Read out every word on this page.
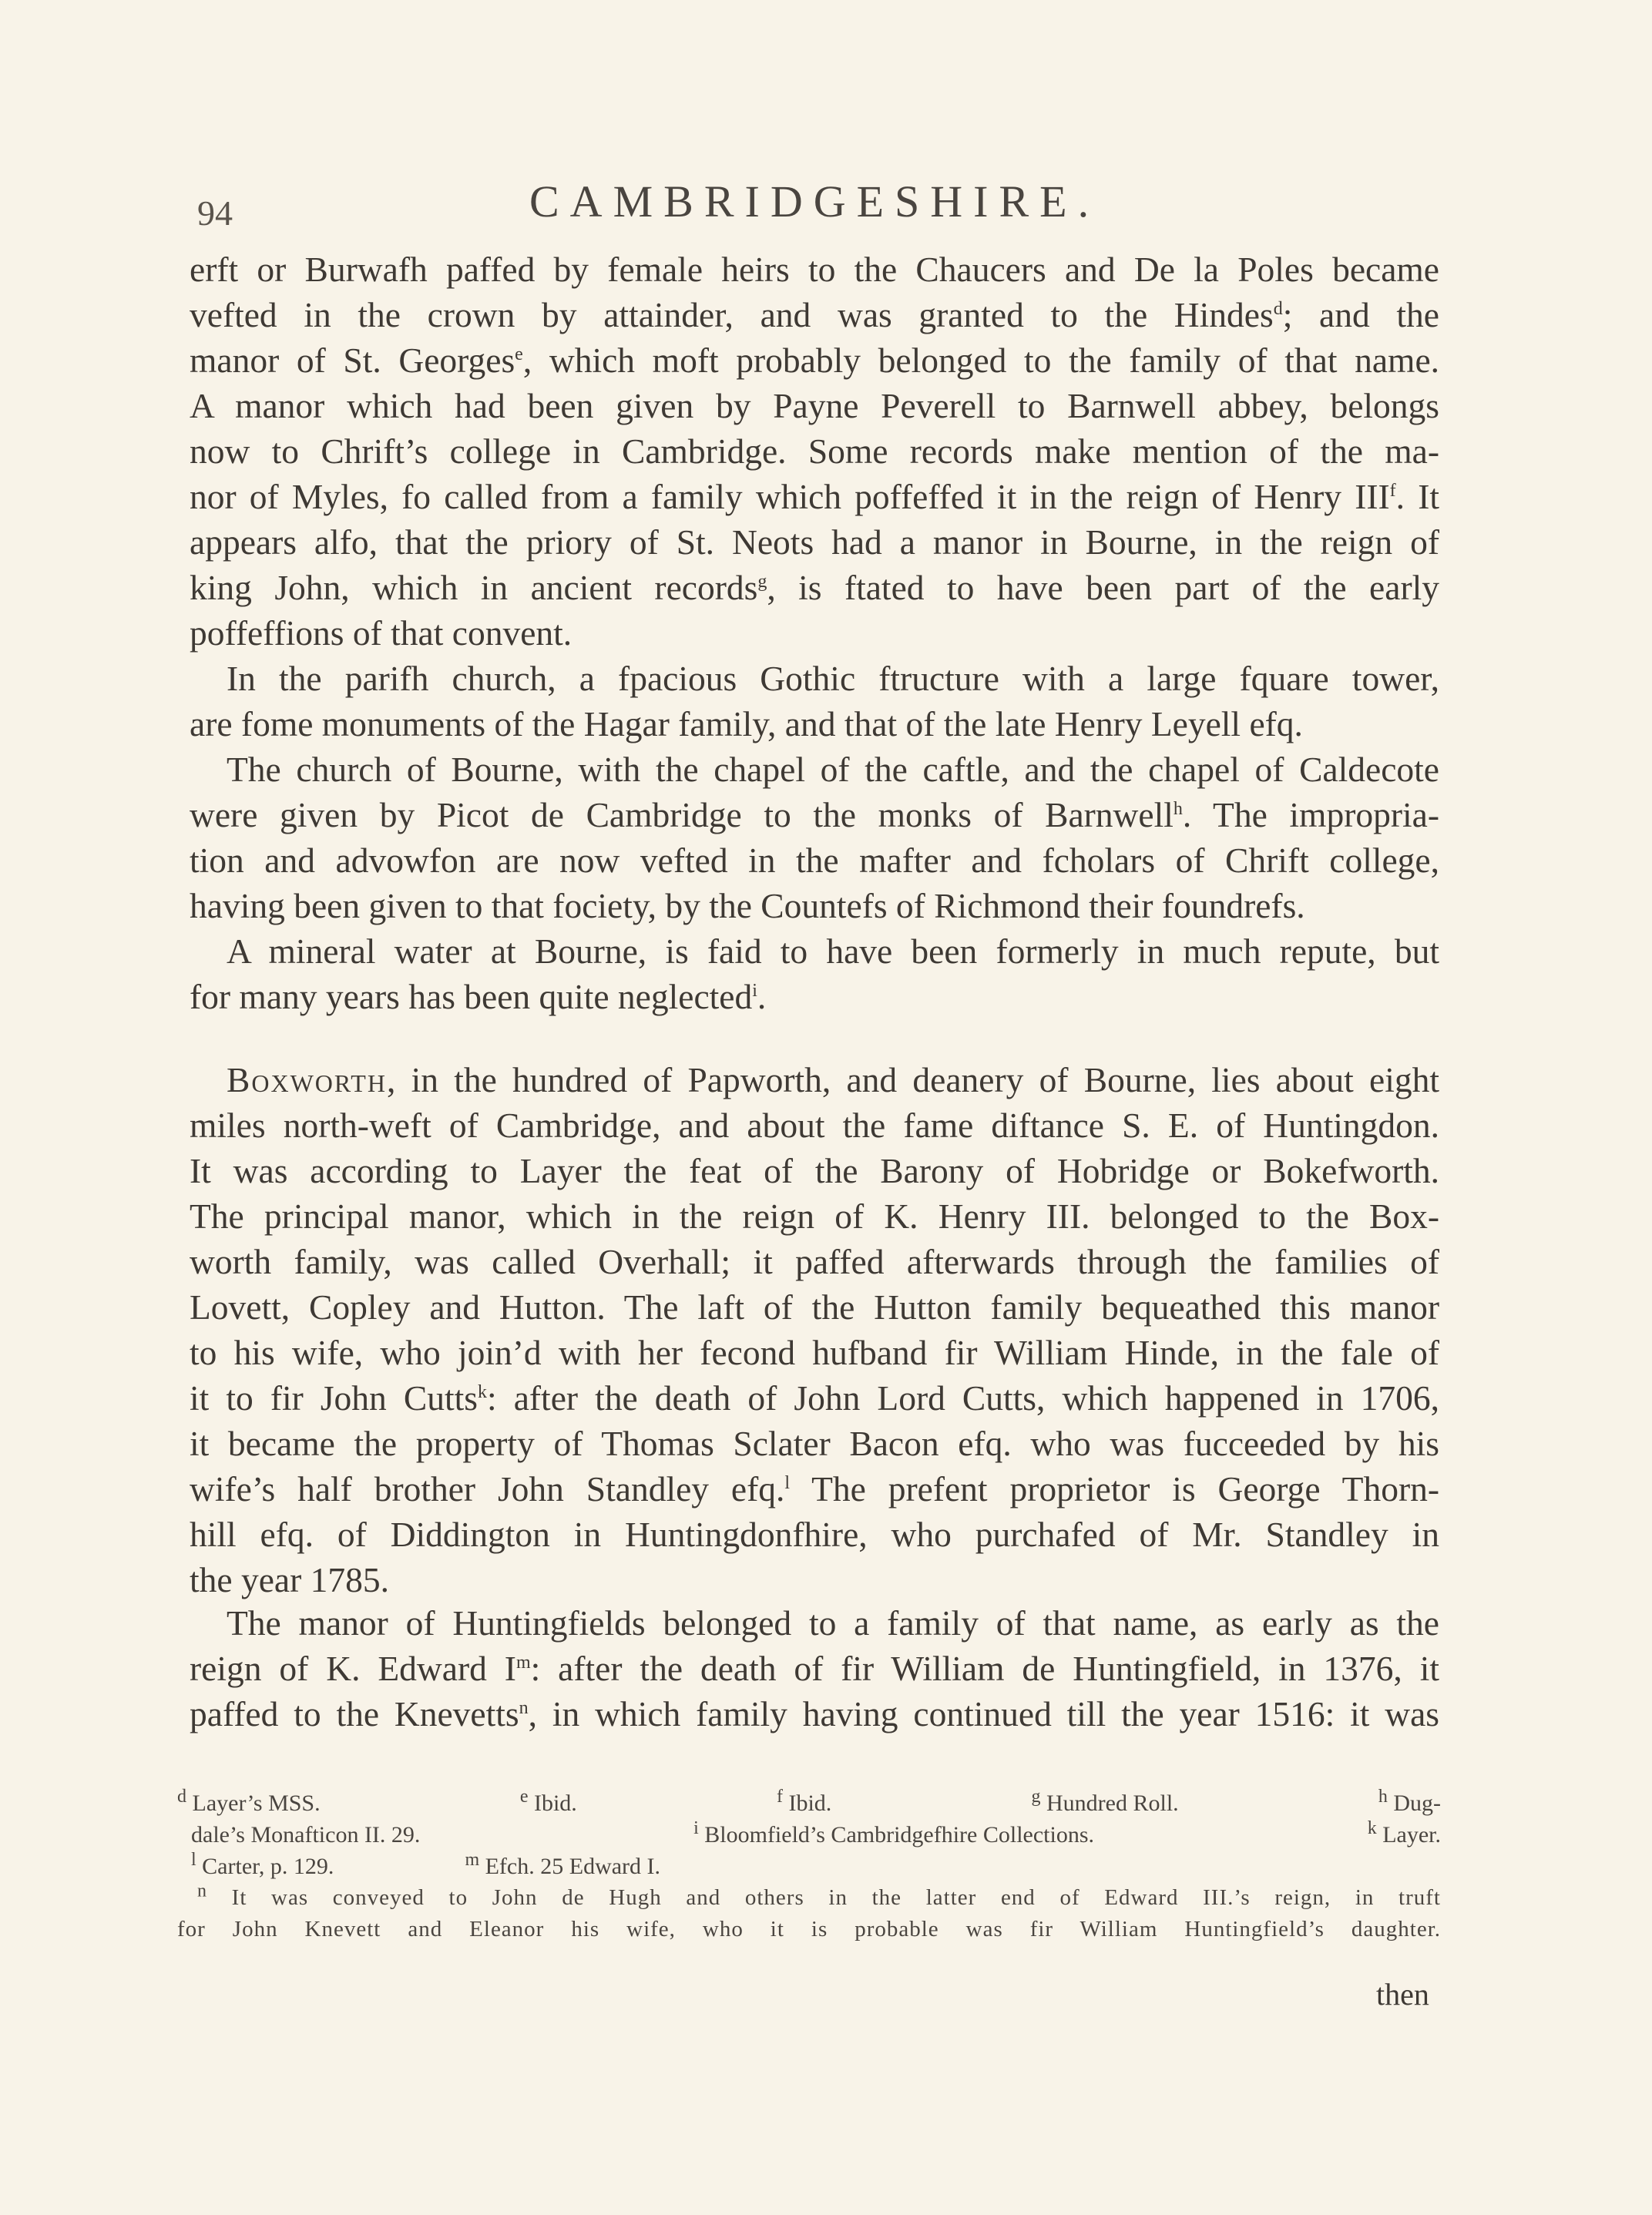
94	CAMBRIDGESHIRE.
erft or Burwafh paffed by female heirs to the Chaucers and De la Poles became
vefted in the crown by attainder, and was granted to the Hindes$^d$; and the
manor of St. Georges$^e$, which moft probably belonged to the family of that name.
A manor which had been given by Payne Peverell to Barnwell abbey, belongs
now to Chrift’s college in Cambridge. Some records make mention of the ma-
nor of Myles, fo called from a family which poffeffed it in the reign of Henry III$^f$. It
appears alfo, that the priory of St. Neots had a manor in Bourne, in the reign of
king John, which in ancient records$^g$, is ftated to have been part of the early
poffeffions of that convent.
In the parifh church, a fpacious Gothic ftructure with a large fquare tower,
are fome monuments of the Hagar family, and that of the late Henry Leyell efq.
The church of Bourne, with the chapel of the caftle, and the chapel of Caldecote
were given by Picot de Cambridge to the monks of Barnwell$^h$. The impropria-
tion and advowfon are now vefted in the mafter and fcholars of Chrift college,
having been given to that fociety, by the Countefs of Richmond their foundrefs.
A mineral water at Bourne, is faid to have been formerly in much repute, but
for many years has been quite neglected$^i$.
Boxworth, in the hundred of Papworth, and deanery of Bourne, lies about eight
miles north-weft of Cambridge, and about the fame diftance S. E. of Huntingdon.
It was according to Layer the feat of the Barony of Hobridge or Bokefworth.
The principal manor, which in the reign of K. Henry III. belonged to the Box-
worth family, was called Overhall; it paffed afterwards through the families of
Lovett, Copley and Hutton. The laft of the Hutton family bequeathed this manor
to his wife, who join’d with her fecond hufband fir William Hinde, in the fale of
it to fir John Cutts$^k$: after the death of John Lord Cutts, which happened in 1706,
it became the property of Thomas Sclater Bacon efq. who was fucceeded by his
wife’s half brother John Standley efq.$^l$ The prefent proprietor is George Thorn-
hill efq. of Diddington in Huntingdonfhire, who purchafed of Mr. Standley in
the year 1785.
The manor of Huntingfields belonged to a family of that name, as early as the
reign of K. Edward $I^m$: after the death of fir William de Huntingfield, in 1376, it
paffed to the Knevetts$^n$, in which family having continued till the year 1516: it was
$^d$ Layer’s MSS.	$^e$ Ibid.	$^f$ Ibid.	$^g$ Hundred Roll.	$^h$ Dug-
dale’s Monafticon II. 29.	$^i$ Bloomfield’s Cambridgefhire Collections.	$^k$ Layer.
$^l$ Carter, p. 129.	$^m$ Efch. 25 Edward I.
$^n$ It was conveyed to John de Hugh and others in the latter end of Edward III.’s reign, in truft
for John Knevett and Eleanor his wife, who it is probable was fir William Huntingfield’s daughter.
then
